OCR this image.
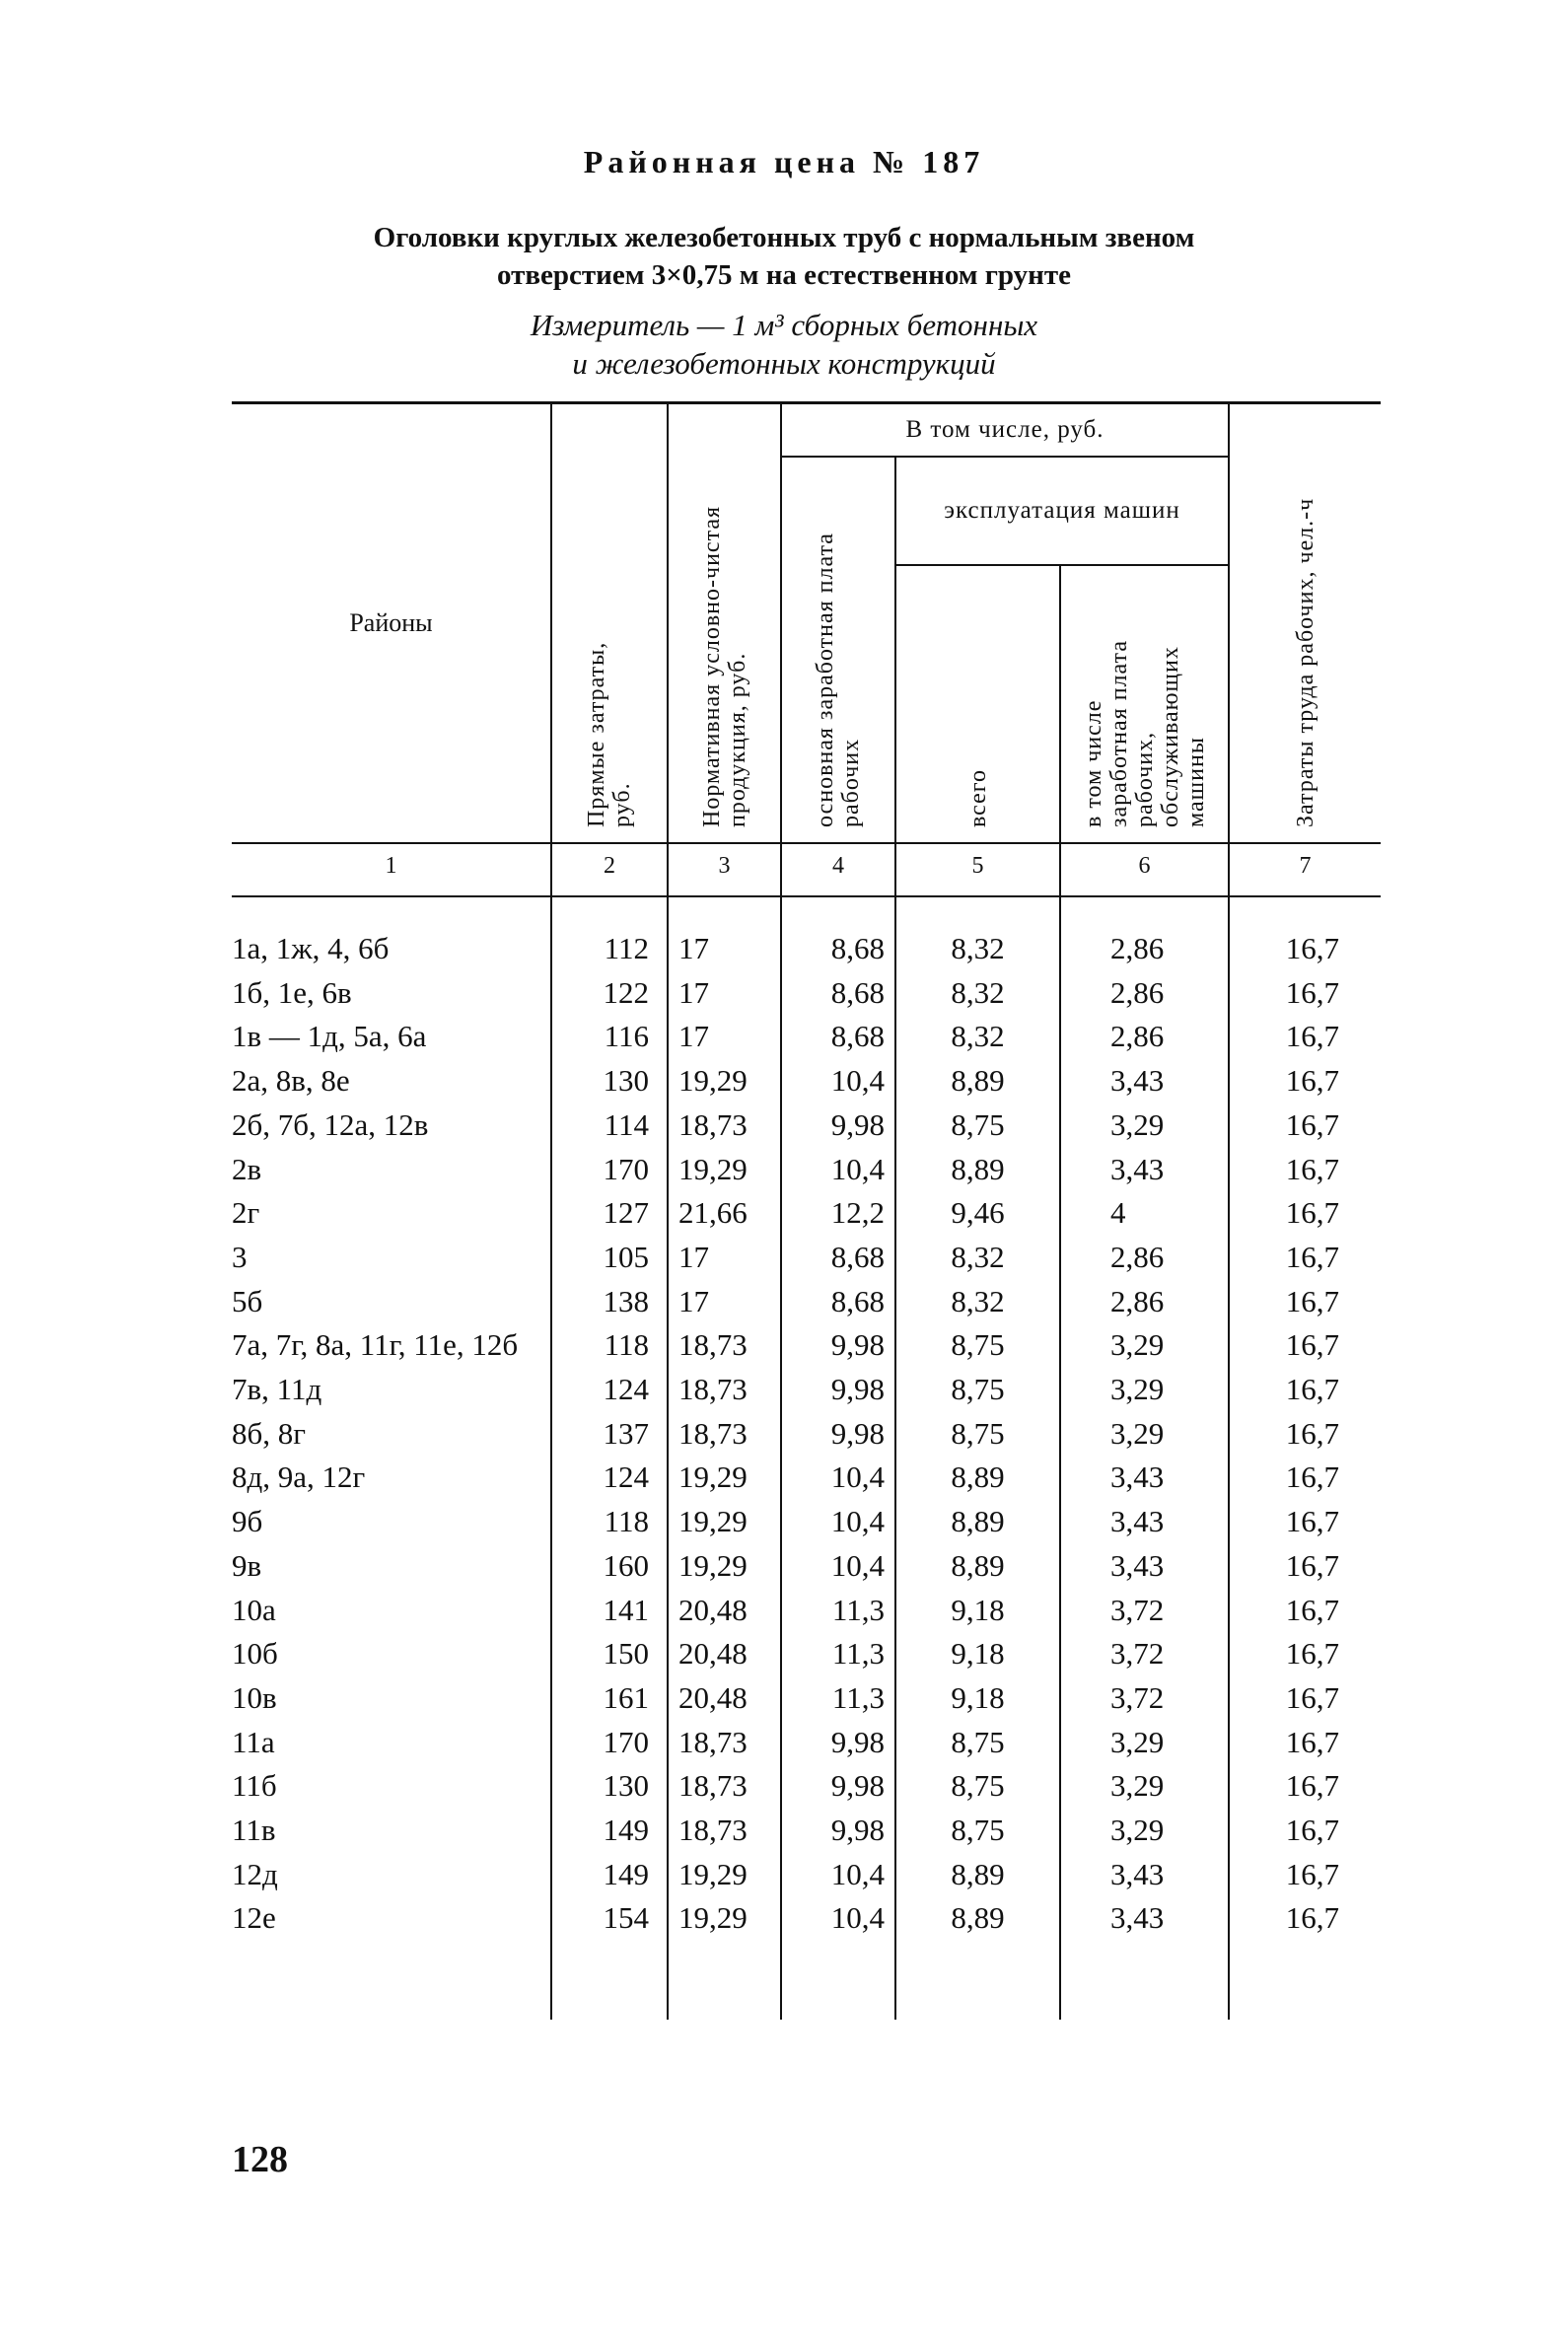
Районная цена № 187
Оголовки круглых железобетонных труб с нормальным звеном
отверстием 3×0,75 м на естественном грунте
Измеритель — 1 м³ сборных бетонных
и железобетонных конструкций
Районы	Прямые затраты, руб.	Нормативная условно-чистая продукция, руб.	В том числе, руб.			Затраты труда рабочих, чел.-ч
			основная заработная плата рабочих	эксплуатация машин		
				всего	в том числе заработная плата рабочих, обслуживающих машины	
1	2	3	4	5	6	7

1а, 1ж, 4, 6б	112	17	8,68	8,32	2,86	16,7
1б, 1е, 6в	122	17	8,68	8,32	2,86	16,7
1в — 1д, 5а, 6а	116	17	8,68	8,32	2,86	16,7
2а, 8в, 8е	130	19,29	10,4	8,89	3,43	16,7
2б, 7б, 12а, 12в	114	18,73	9,98	8,75	3,29	16,7
2в	170	19,29	10,4	8,89	3,43	16,7
2г	127	21,66	12,2	9,46	4	16,7
3	105	17	8,68	8,32	2,86	16,7
5б	138	17	8,68	8,32	2,86	16,7
7а, 7г, 8а, 11г, 11е, 12б	118	18,73	9,98	8,75	3,29	16,7
7в, 11д	124	18,73	9,98	8,75	3,29	16,7
8б, 8г	137	18,73	9,98	8,75	3,29	16,7
8д, 9а, 12г	124	19,29	10,4	8,89	3,43	16,7
9б	118	19,29	10,4	8,89	3,43	16,7
9в	160	19,29	10,4	8,89	3,43	16,7
10а	141	20,48	11,3	9,18	3,72	16,7
10б	150	20,48	11,3	9,18	3,72	16,7
10в	161	20,48	11,3	9,18	3,72	16,7
11а	170	18,73	9,98	8,75	3,29	16,7
11б	130	18,73	9,98	8,75	3,29	16,7
11в	149	18,73	9,98	8,75	3,29	16,7
12д	149	19,29	10,4	8,89	3,43	16,7
12е	154	19,29	10,4	8,89	3,43	16,7

128
